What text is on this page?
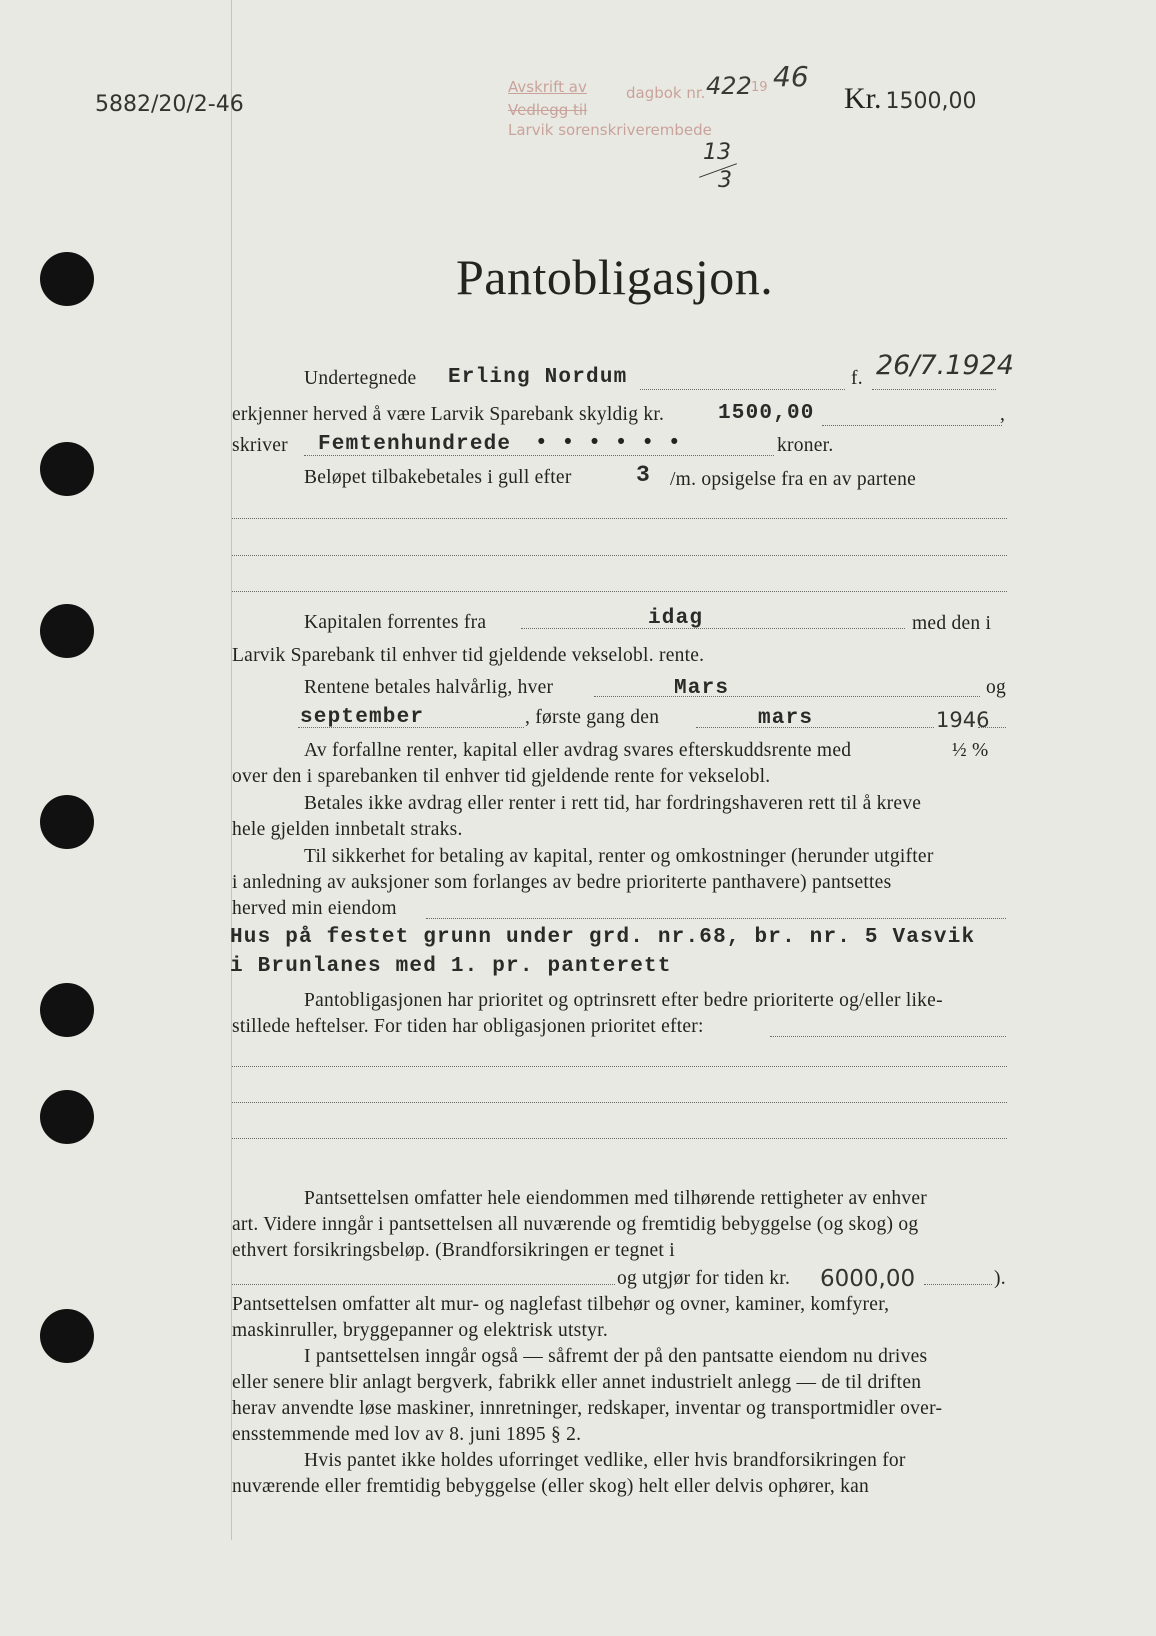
5882/20/2-46
Avskrift av	dagbok nr. 422 19 46
Vedlegg til
Larvik sorenskriverembede
13
3
Kr. 1500,00
Pantobligasjon.
Undertegnede Erling Nordum	f. 26/7.1924
erkjenner herved å være Larvik Sparebank skyldig kr.	1500,00	,
skriver Femtenhundrede ••••••	kroner.
Beløpet tilbakebetales i gull efter	3 /m. opsigelse fra en av partene
Kapitalen forrentes fra	idag	med den i
Larvik Sparebank til enhver tid gjeldende vekselobl. rente.
Rentene betales halvårlig, hver	Mars	og
september	, første gang den	mars	1946
Av forfallne renter, kapital eller avdrag svares efterskuddsrente med	½ %
over den i sparebanken til enhver tid gjeldende rente for vekselobl.
Betales ikke avdrag eller renter i rett tid, har fordringshaveren rett til å kreve
hele gjelden innbetalt straks.
Til sikkerhet for betaling av kapital, renter og omkostninger (herunder utgifter
i anledning av auksjoner som forlanges av bedre prioriterte panthavere) pantsettes
herved min eiendom
Hus på festet grunn under grd. nr.68, br. nr. 5 Vasvik
i Brunlanes med 1. pr. panterett
Pantobligasjonen har prioritet og optrinsrett efter bedre prioriterte og/eller like-
stillede heftelser. For tiden har obligasjonen prioritet efter:
Pantsettelsen omfatter hele eiendommen med tilhørende rettigheter av enhver
art. Videre inngår i pantsettelsen all nuværende og fremtidig bebyggelse (og skog) og
ethvert forsikringsbeløp. (Brandforsikringen er tegnet i
og utgjør for tiden kr. 6000,00	).
Pantsettelsen omfatter alt mur- og naglefast tilbehør og ovner, kaminer, komfyrer,
maskinruller, bryggepanner og elektrisk utstyr.
I pantsettelsen inngår også — såfremt der på den pantsatte eiendom nu drives
eller senere blir anlagt bergverk, fabrikk eller annet industrielt anlegg — de til driften
herav anvendte løse maskiner, innretninger, redskaper, inventar og transportmidler over-
ensstemmende med lov av 8. juni 1895 § 2.
Hvis pantet ikke holdes uforringet vedlike, eller hvis brandforsikringen for
nuværende eller fremtidig bebyggelse (eller skog) helt eller delvis ophører, kan
